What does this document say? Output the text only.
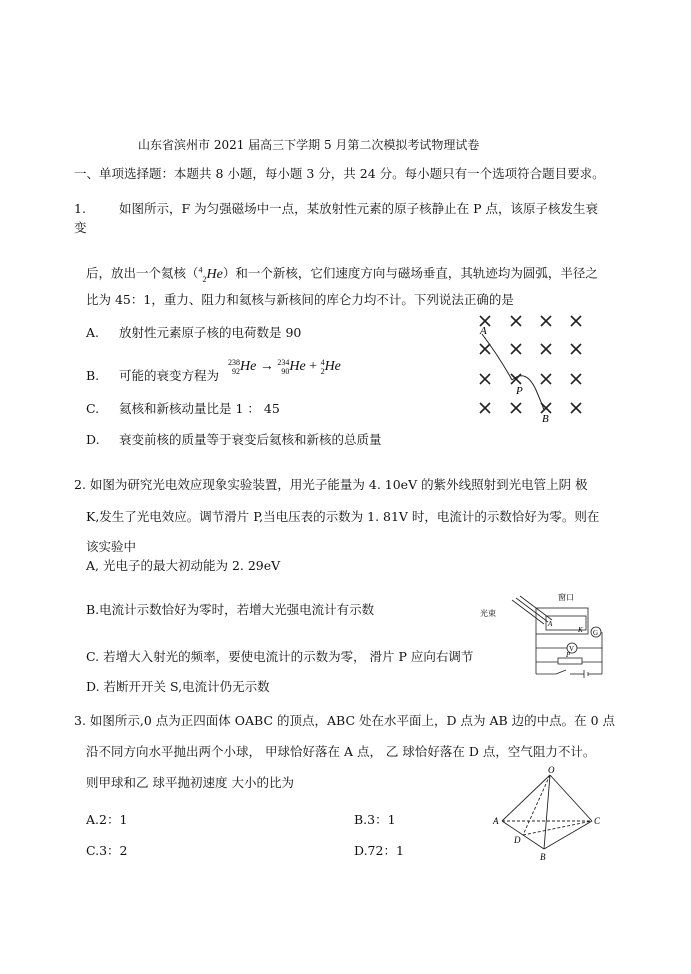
山东省滨州市 2021 届高三下学期 5 月第二次模拟考试物理试卷
一、单项选择题：本题共 8 小题，每小题 3 分，共 24 分。每小题只有一个选项符合题目要求。
1.	如图所示，F 为匀强磁场中一点，某放射性元素的原子核静止在 P 点，该原子核发生衰
变
后，放出一个氦核（$^4_2$He）和一个新核，它们速度方向与磁场垂直，其轨迹均为圆弧，半径之
比为 45：1，重力、阻力和氦核与新核间的库仑力均不计。下列说法正确的是
A. 放射性元素原子核的电荷数是 90
B. 可能的衰变方程为
238
92 He → 234
90 He + 4
2 He
C. 氦核和新核动量比是 1 ： 45
D. 衰变前核的质量等于衰变后氦核和新核的总质量
A
P
B
2. 如图为研究光电效应现象实验装置，用光子能量为 4. 10eV 的紫外线照射到光电管上阴 极
K,发生了光电效应。调节滑片 P,当电压表的示数为 1. 81V 时，电流计的示数恰好为零。则在
该实验中
A, 光电子的最大初动能为 2. 29eV
B.电流计示数恰好为零时，若增大光强电流计有示数
C. 若增大入射光的频率，要使电流计的示数为零， 滑片 P 应向右调节
D. 若断开开关 S,电流计仍无示数
窗口
光束
A
K G
V
P
3. 如图所示,0 点为正四面体 OABC 的顶点，ABC 处在水平面上，D 点为 AB 边的中点。在 0 点
沿不同方向水平抛出两个小球， 甲球恰好落在 A 点， 乙 球恰好落在 D 点，空气阻力不计。
则甲球和乙 球平抛初速度 大小的比为
A.2：1	B.3：1
C.3：2	D.72：1
O
A	C
B
D
